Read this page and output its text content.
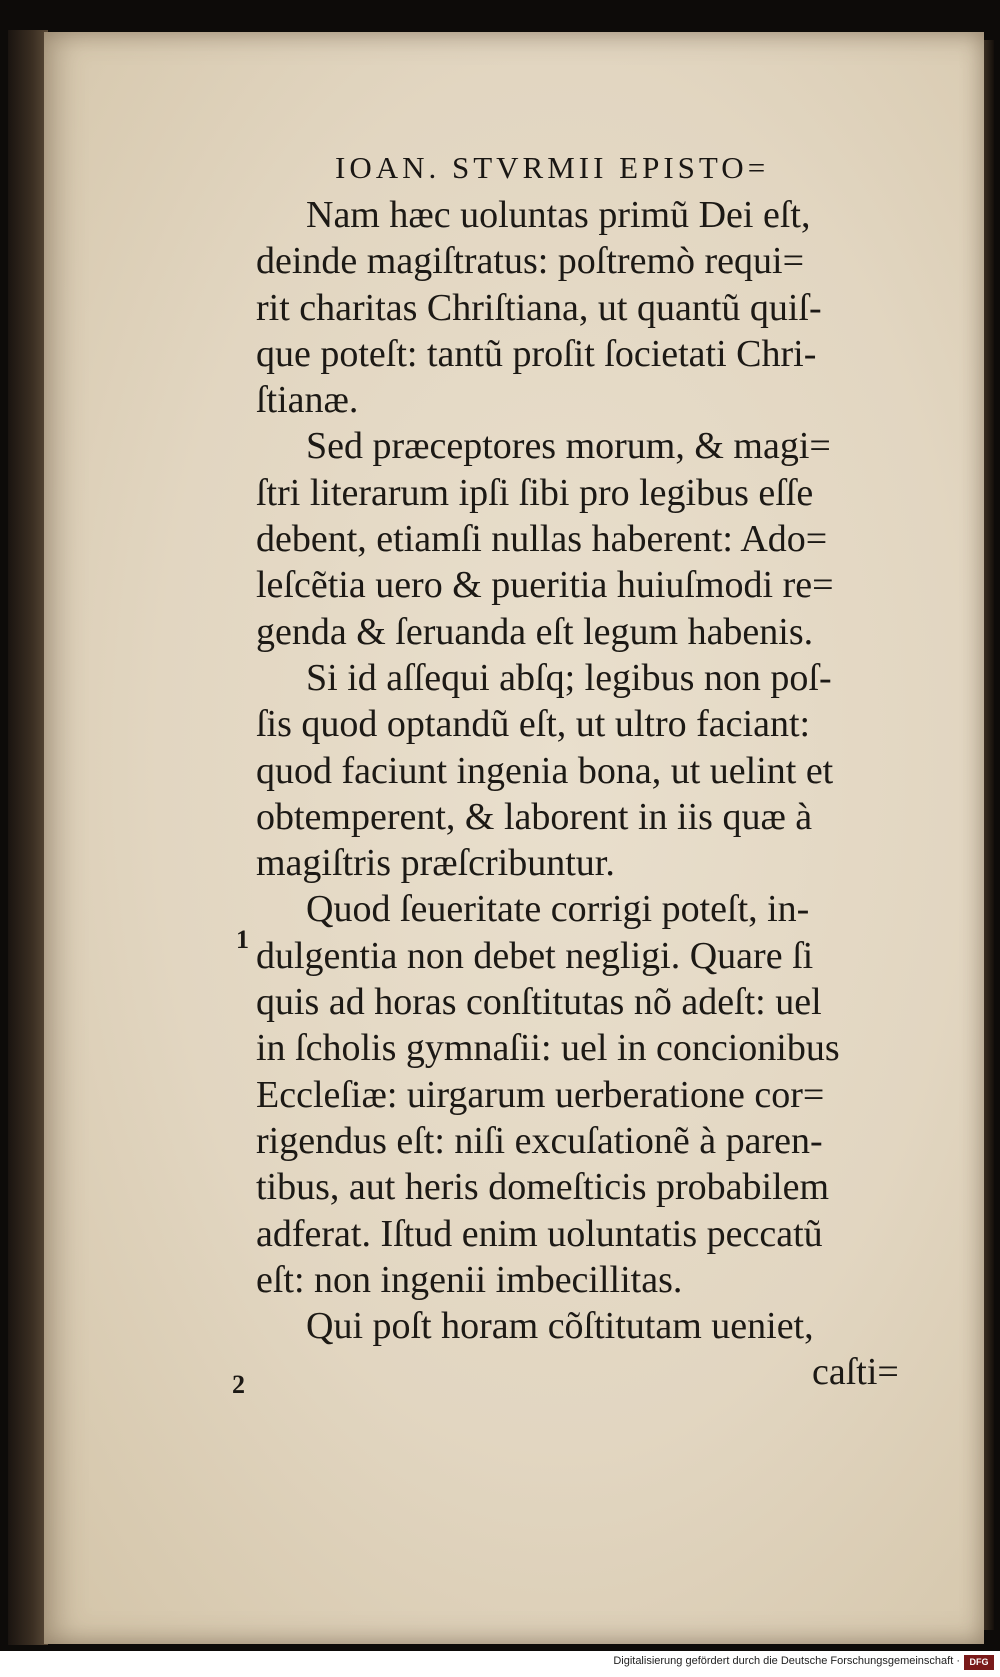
IOAN. STVRMII EPISTO=
Nam hæc uoluntas primũ Dei eſt,
deinde magiſtratus: poſtremò requi=
rit charitas Chriſtiana, ut quantũ quiſ-
que poteſt: tantũ proſit ſocietati Chri-
ſtianæ.
Sed præceptores morum, & magi=
ſtri literarum ipſi ſibi pro legibus eſſe
debent, etiamſi nullas haberent: Ado=
leſcẽtia uero & pueritia huiuſmodi re=
genda & ſeruanda eſt legum habenis.
Si id aſſequi abſq; legibus non poſ-
ſis quod optandũ eſt, ut ultro faciant:
quod faciunt ingenia bona, ut uelint et
obtemperent, & laborent in iis quæ à
magiſtris præſcribuntur.
Quod ſeueritate corrigi poteſt, in-
dulgentia non debet negligi. Quare ſi
quis ad horas conſtitutas nõ adeſt: uel
in ſcholis gymnaſii: uel in concionibus
Eccleſiæ: uirgarum uerberatione cor=
rigendus eſt: niſi excuſationẽ à paren-
tibus, aut heris domeſticis probabilem
adferat. Iſtud enim uoluntatis peccatũ
eſt: non ingenii imbecillitas.
Qui poſt horam cõſtitutam ueniet,
caſti=
1
2
Digitalisierung gefördert durch die Deutsche Forschungsgemeinschaft ·	DFG
